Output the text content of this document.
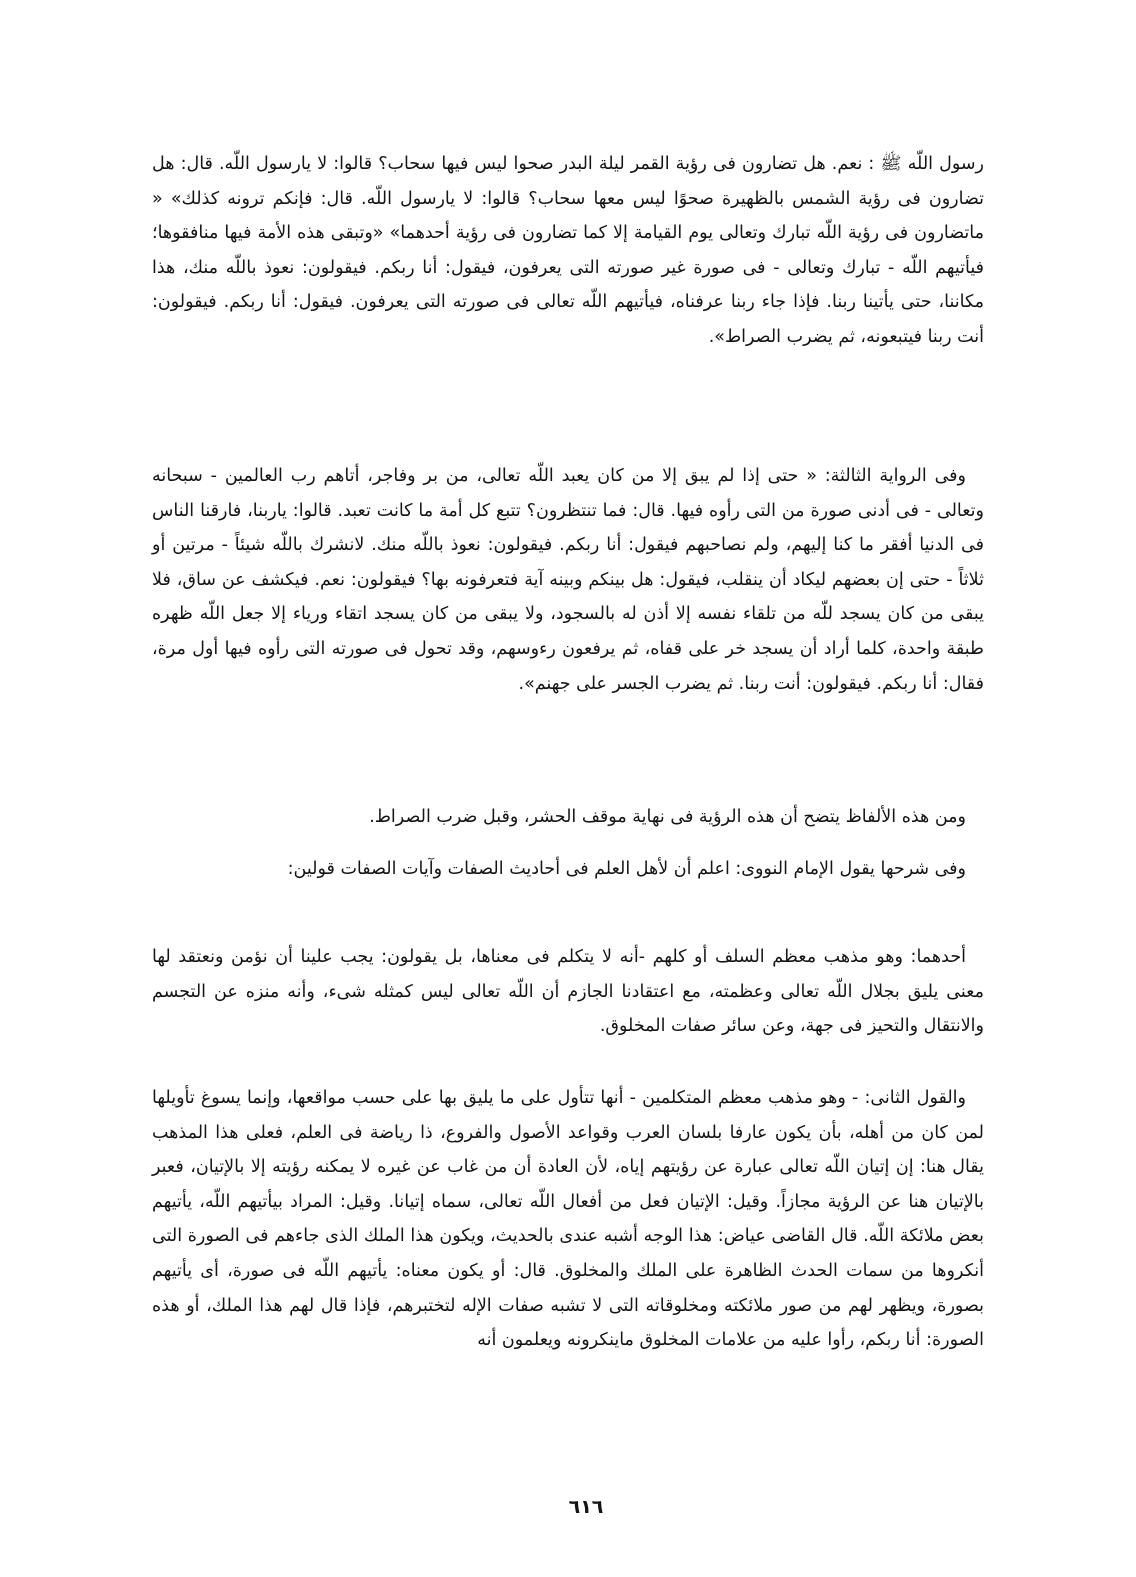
رسول اللّه ﷺ : نعم. هل تضارون فى رؤية القمر ليلة البدر صحوا ليس فيها سحاب؟ قالوا: لا يارسول اللّه. قال: هل تضارون فى رؤية الشمس بالظهيرة صحوًا ليس معها سحاب؟ قالوا: لا يارسول اللّه. قال: فإنكم ترونه كذلك» « ماتضارون فى رؤية اللّه تبارك وتعالى يوم القيامة إلا كما تضارون فى رؤية أحدهما» «وتبقى هذه الأمة فيها منافقوها؛ فيأتيهم اللّه - تبارك وتعالى - فى صورة غير صورته التى يعرفون، فيقول: أنا ربكم. فيقولون: نعوذ باللّه منك، هذا مكاننا، حتى يأتينا ربنا. فإذا جاء ربنا عرفناه، فيأتيهم اللّه تعالى فى صورته التى يعرفون. فيقول: أنا ربكم. فيقولون: أنت ربنا فيتبعونه، ثم يضرب الصراط».

وفى الرواية الثالثة: « حتى إذا لم يبق إلا من كان يعبد اللّه تعالى، من بر وفاجر، أتاهم رب العالمين - سبحانه وتعالى - فى أدنى صورة من التى رأوه فيها. قال: فما تنتظرون؟ تتبع كل أمة ما كانت تعبد. قالوا: ياربنا، فارقنا الناس فى الدنيا أفقر ما كنا إليهم، ولم نصاحبهم فيقول: أنا ربكم. فيقولون: نعوذ باللّه منك. لانشرك باللّه شيئاً - مرتين أو ثلاثاً - حتى إن بعضهم ليكاد أن ينقلب، فيقول: هل بينكم وبينه آية فتعرفونه بها؟ فيقولون: نعم. فيكشف عن ساق، فلا يبقى من كان يسجد للّه من تلقاء نفسه إلا أذن له بالسجود، ولا يبقى من كان يسجد اتقاء ورياء إلا جعل اللّه ظهره طبقة واحدة، كلما أراد أن يسجد خر على قفاه، ثم يرفعون رءوسهم، وقد تحول فى صورته التى رأوه فيها أول مرة، فقال: أنا ربكم. فيقولون: أنت ربنا. ثم يضرب الجسر على جهنم».

ومن هذه الألفاظ يتضح أن هذه الرؤية فى نهاية موقف الحشر، وقبل ضرب الصراط.

وفى شرحها يقول الإمام النووى: اعلم أن لأهل العلم فى أحاديث الصفات وآيات الصفات قولين:

أحدهما: وهو مذهب معظم السلف أو كلهم -أنه لا يتكلم فى معناها، بل يقولون: يجب علينا أن نؤمن ونعتقد لها معنى يليق بجلال اللّه تعالى وعظمته، مع اعتقادنا الجازم أن اللّه تعالى ليس كمثله شىء، وأنه منزه عن التجسم والانتقال والتحيز فى جهة، وعن سائر صفات المخلوق.

والقول الثانى: - وهو مذهب معظم المتكلمين - أنها تتأول على ما يليق بها على حسب مواقعها، وإنما يسوغ تأويلها لمن كان من أهله، بأن يكون عارفا بلسان العرب وقواعد الأصول والفروع، ذا رياضة فى العلم، فعلى هذا المذهب يقال هنا: إن إتيان اللّه تعالى عبارة عن رؤيتهم إياه، لأن العادة أن من غاب عن غيره لا يمكنه رؤيته إلا بالإتيان، فعبر بالإتيان هنا عن الرؤية مجازاً. وقيل: الإتيان فعل من أفعال اللّه تعالى، سماه إتيانا. وقيل: المراد بيأتيهم اللّه، يأتيهم بعض ملائكة اللّه. قال القاضى عياض: هذا الوجه أشبه عندى بالحديث، ويكون هذا الملك الذى جاءهم فى الصورة التى أنكروها من سمات الحدث الظاهرة على الملك والمخلوق. قال: أو يكون معناه: يأتيهم اللّه فى صورة، أى يأتيهم بصورة، ويظهر لهم من صور ملائكته ومخلوقاته التى لا تشبه صفات الإله لتختبرهم، فإذا قال لهم هذا الملك، أو هذه الصورة: أنا ربكم، رأوا عليه من علامات المخلوق ماينكرونه ويعلمون أنه

٦١٦
